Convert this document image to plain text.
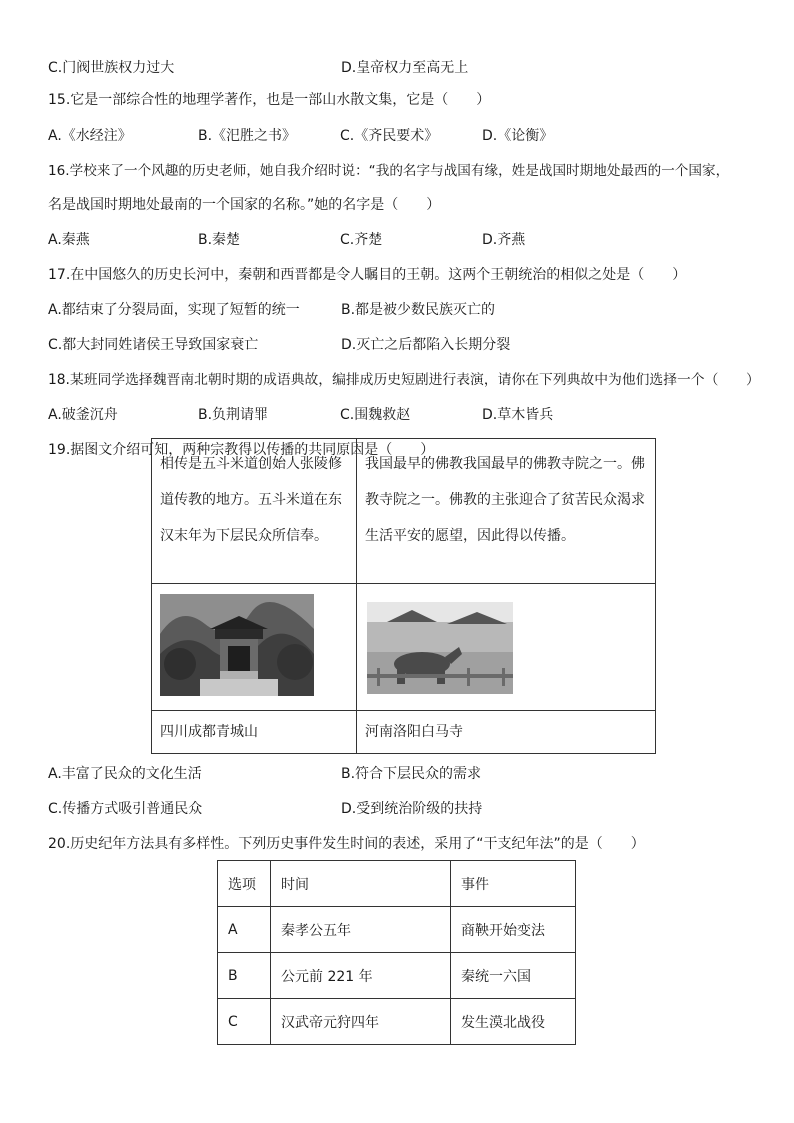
C.门阀世族权力过大	D.皇帝权力至高无上
15.它是一部综合性的地理学著作，也是一部山水散文集，它是（　　）
A.《水经注》	B.《汜胜之书》	C.《齐民要术》	D.《论衡》
16.学校来了一个风趣的历史老师，她自我介绍时说：“我的名字与战国有缘，姓是战国时期地处最西的一个国家，
名是战国时期地处最南的一个国家的名称。”她的名字是（　　）
A.秦燕	B.秦楚	C.齐楚	D.齐燕
17.在中国悠久的历史长河中，秦朝和西晋都是令人瞩目的王朝。这两个王朝统治的相似之处是（　　）
A.都结束了分裂局面，实现了短暂的统一	B.都是被少数民族灭亡的
C.都大封同姓诸侯王导致国家衰亡	D.灭亡之后都陷入长期分裂
18.某班同学选择魏晋南北朝时期的成语典故，编排成历史短剧进行表演，请你在下列典故中为他们选择一个（　　）
A.破釜沉舟	B.负荆请罪	C.围魏救赵	D.草木皆兵
19.据图文介绍可知，两种宗教得以传播的共同原因是（　　）
相传是五斗米道创始人张陵修道传教的地方。五斗米道在东汉末年为下层民众所信奉。	我国最早的佛教我国最早的佛教寺院之一。佛教寺院之一。佛教的主张迎合了贫苦民众渴求生活平安的愿望，因此得以传播。

四川成都青城山	河南洛阳白马寺
A.丰富了民众的文化生活	B.符合下层民众的需求
C.传播方式吸引普通民众	D.受到统治阶级的扶持
20.历史纪年方法具有多样性。下列历史事件发生时间的表述，采用了“干支纪年法”的是（　　）
选项	时间	事件
A	秦孝公五年	商鞅开始变法
B	公元前 221 年	秦统一六国
C	汉武帝元狩四年	发生漠北战役
